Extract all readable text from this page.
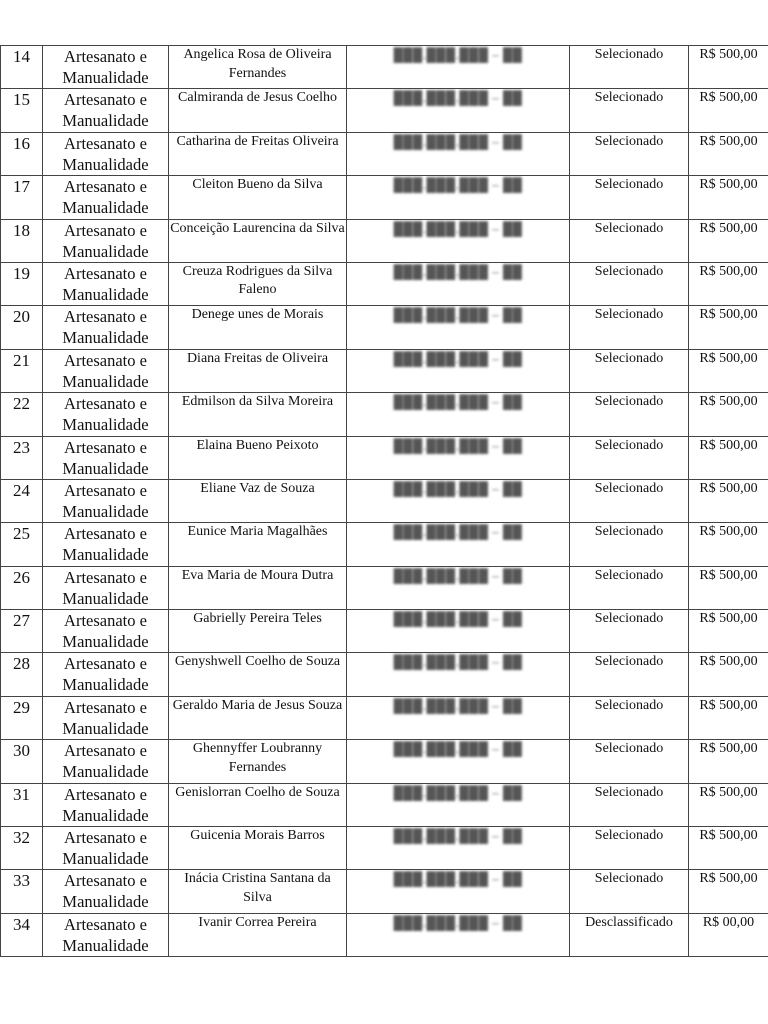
14	Artesanato e Manualidade	Angelica Rosa de Oliveira Fernandes	███.███.███ – ██	Selecionado	R$ 500,00
15	Artesanato e Manualidade	Calmiranda de Jesus Coelho	███.███.███ – ██	Selecionado	R$ 500,00
16	Artesanato e Manualidade	Catharina de Freitas Oliveira	███.███.███ – ██	Selecionado	R$ 500,00
17	Artesanato e Manualidade	Cleiton Bueno da Silva	███.███.███ – ██	Selecionado	R$ 500,00
18	Artesanato e Manualidade	Conceição Laurencina da Silva	███.███.███ – ██	Selecionado	R$ 500,00
19	Artesanato e Manualidade	Creuza Rodrigues da Silva Faleno	███.███.███ – ██	Selecionado	R$ 500,00
20	Artesanato e Manualidade	Denege unes de Morais	███.███.███ – ██	Selecionado	R$ 500,00
21	Artesanato e Manualidade	Diana Freitas de Oliveira	███.███.███ – ██	Selecionado	R$ 500,00
22	Artesanato e Manualidade	Edmilson da Silva Moreira	███.███.███ – ██	Selecionado	R$ 500,00
23	Artesanato e Manualidade	Elaina Bueno Peixoto	███.███.███ – ██	Selecionado	R$ 500,00
24	Artesanato e Manualidade	Eliane Vaz de Souza	███.███.███ – ██	Selecionado	R$ 500,00
25	Artesanato e Manualidade	Eunice Maria Magalhães	███.███.███ – ██	Selecionado	R$ 500,00
26	Artesanato e Manualidade	Eva Maria de Moura Dutra	███.███.███ – ██	Selecionado	R$ 500,00
27	Artesanato e Manualidade	Gabrielly Pereira Teles	███.███.███ – ██	Selecionado	R$ 500,00
28	Artesanato e Manualidade	Genyshwell Coelho de Souza	███.███.███ – ██	Selecionado	R$ 500,00
29	Artesanato e Manualidade	Geraldo Maria de Jesus Souza	███.███.███ – ██	Selecionado	R$ 500,00
30	Artesanato e Manualidade	Ghennyffer Loubranny Fernandes	███.███.███ – ██	Selecionado	R$ 500,00
31	Artesanato e Manualidade	Genislorran Coelho de Souza	███.███.███ – ██	Selecionado	R$ 500,00
32	Artesanato e Manualidade	Guicenia Morais Barros	███.███.███ – ██	Selecionado	R$ 500,00
33	Artesanato e Manualidade	Inácia Cristina Santana da Silva	███.███.███ – ██	Selecionado	R$ 500,00
34	Artesanato e Manualidade	Ivanir Correa Pereira	███.███.███ – ██	Desclassificado	R$ 00,00
